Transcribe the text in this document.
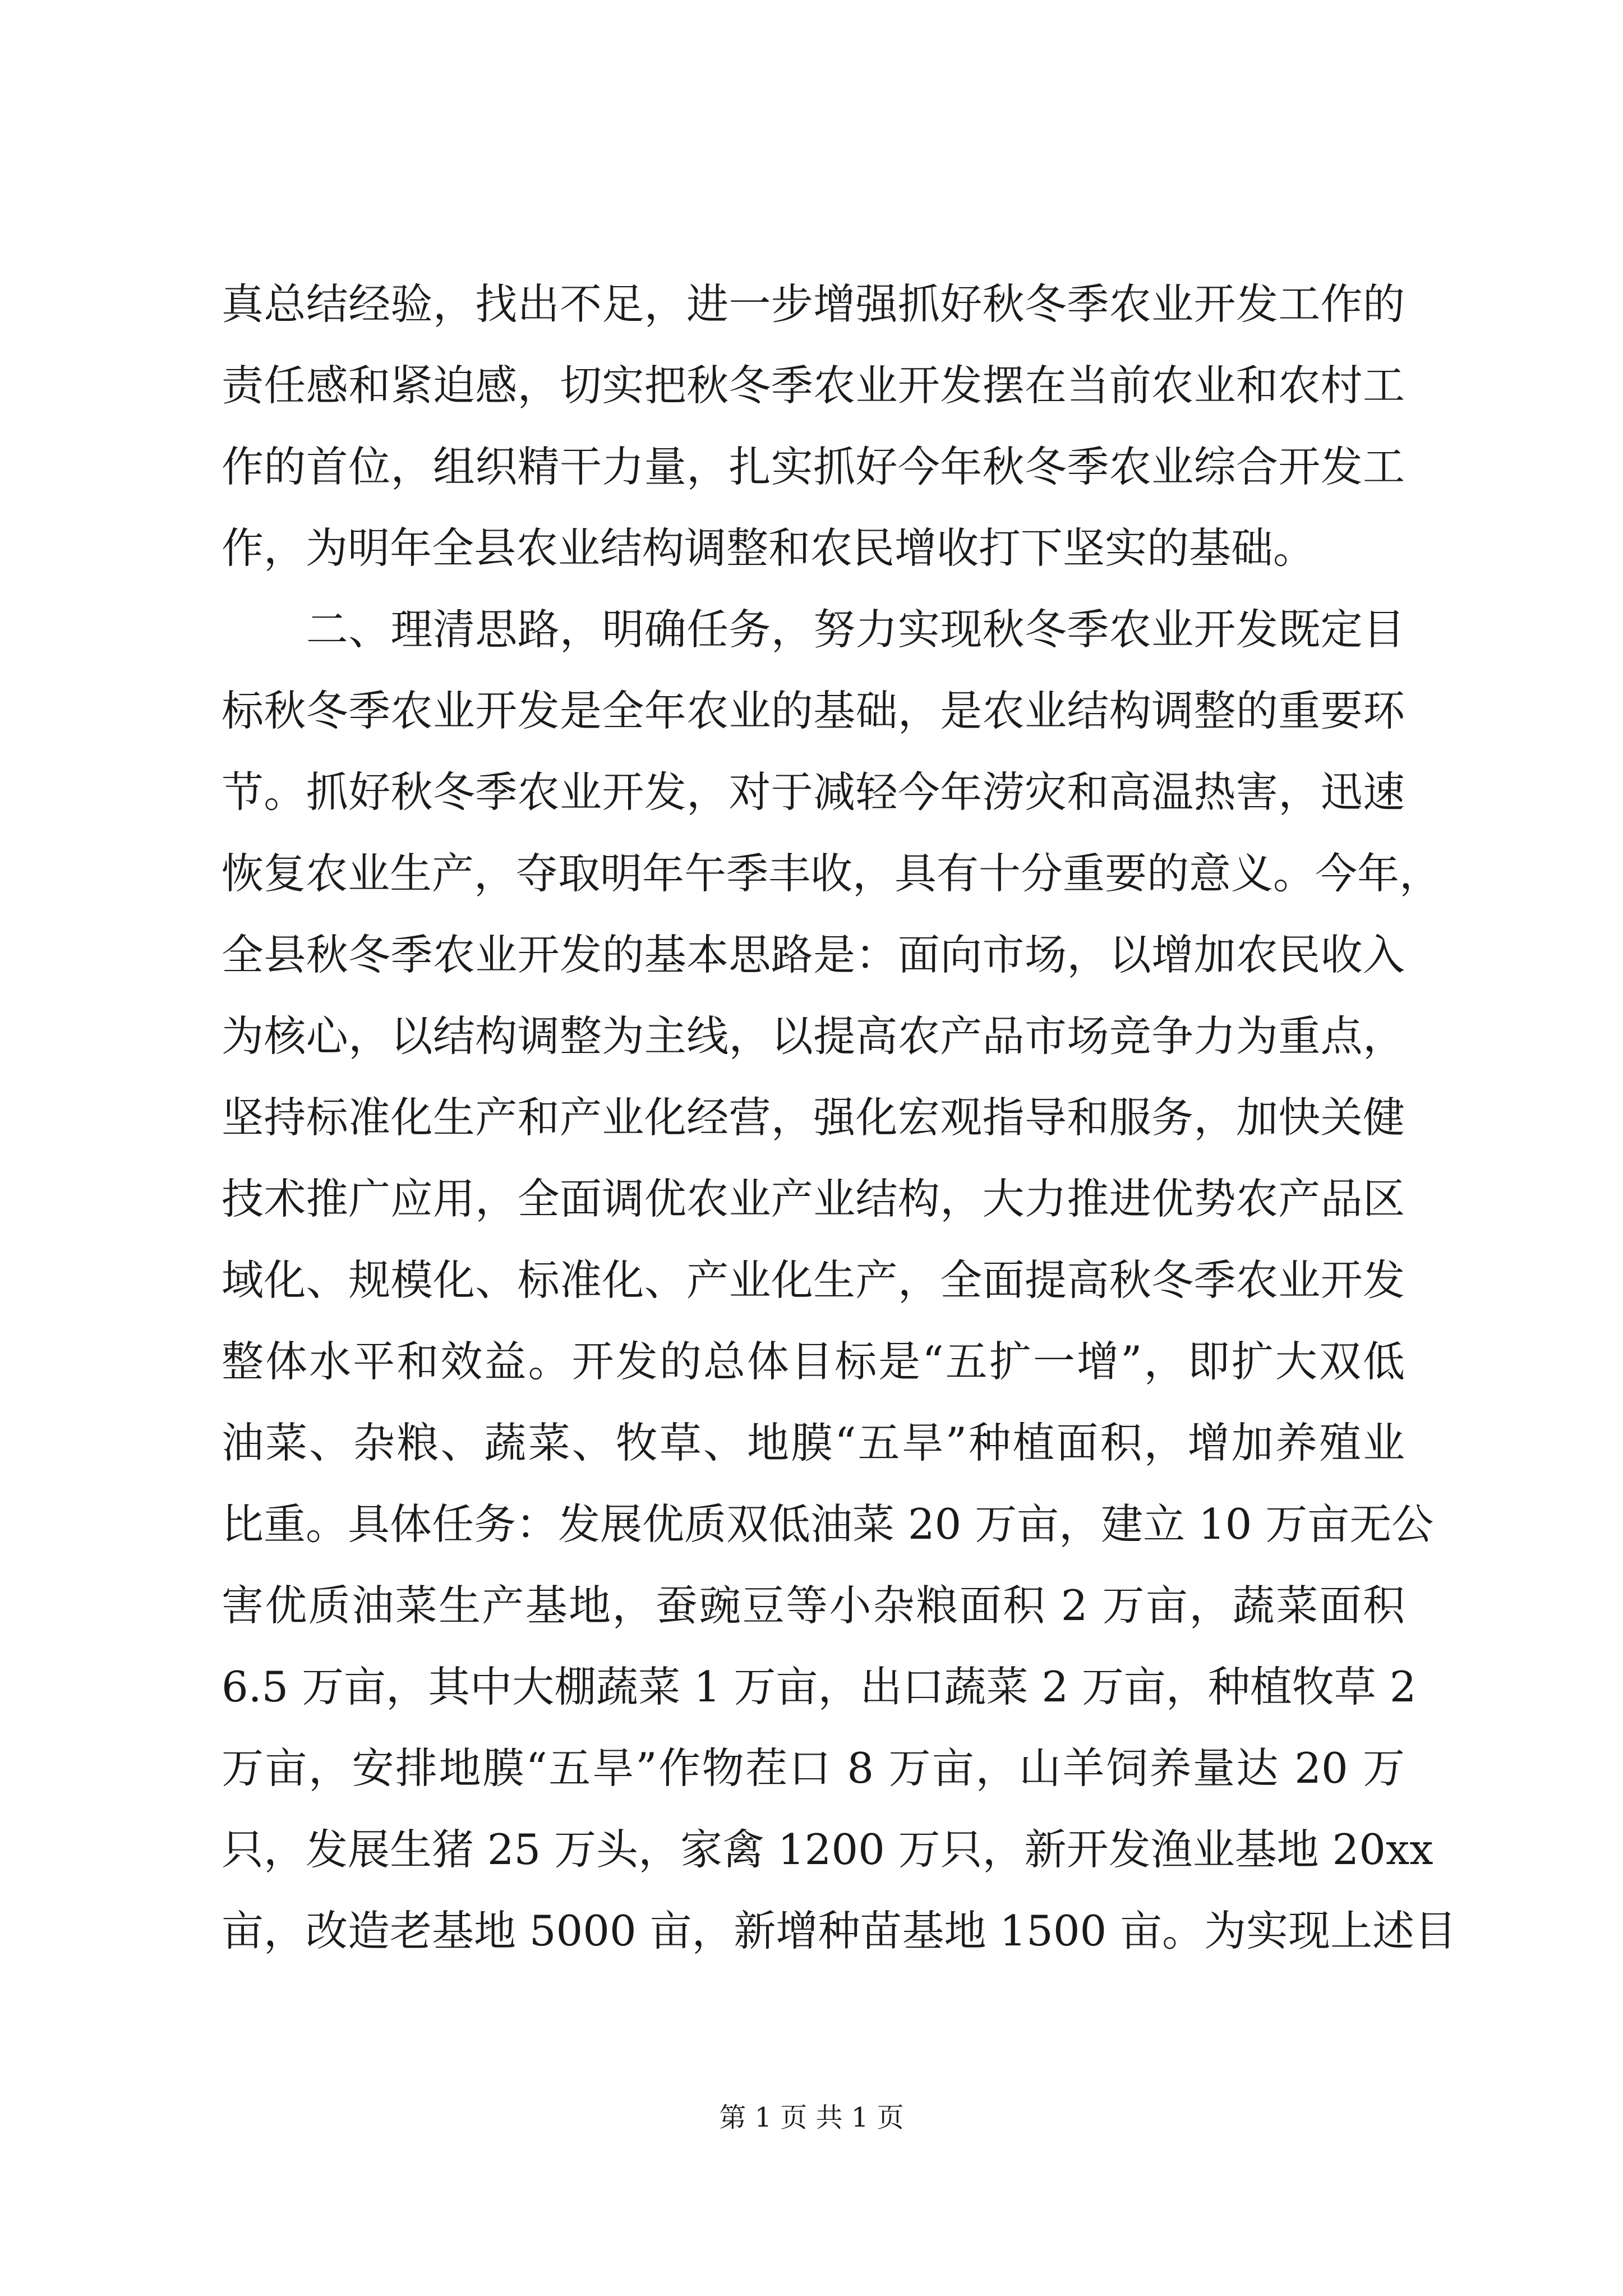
真总结经验，找出不足，进一步增强抓好秋冬季农业开发工作的
责任感和紧迫感，切实把秋冬季农业开发摆在当前农业和农村工
作的首位，组织精干力量，扎实抓好今年秋冬季农业综合开发工
作，为明年全县农业结构调整和农民增收打下坚实的基础。
　　二、理清思路，明确任务，努力实现秋冬季农业开发既定目
标秋冬季农业开发是全年农业的基础，是农业结构调整的重要环
节。抓好秋冬季农业开发，对于减轻今年涝灾和高温热害，迅速
恢复农业生产，夺取明年午季丰收，具有十分重要的意义。今年，
全县秋冬季农业开发的基本思路是：面向市场，以增加农民收入
为核心，以结构调整为主线，以提高农产品市场竞争力为重点，
坚持标准化生产和产业化经营，强化宏观指导和服务，加快关健
技术推广应用，全面调优农业产业结构，大力推进优势农产品区
域化、规模化、标准化、产业化生产，全面提高秋冬季农业开发
整体水平和效益。开发的总体目标是“五扩一增”，即扩大双低
油菜、杂粮、蔬菜、牧草、地膜“五旱”种植面积，增加养殖业
比重。具体任务：发展优质双低油菜 20 万亩，建立 10 万亩无公
害优质油菜生产基地，蚕豌豆等小杂粮面积 2 万亩，蔬菜面积
6.5 万亩，其中大棚蔬菜 1 万亩，出口蔬菜 2 万亩，种植牧草 2
万亩，安排地膜“五旱”作物茬口 8 万亩，山羊饲养量达 20 万
只，发展生猪 25 万头，家禽 1200 万只，新开发渔业基地 20xx
亩，改造老基地 5000 亩，新增种苗基地 1500 亩。为实现上述目
第 1 页 共 1 页
